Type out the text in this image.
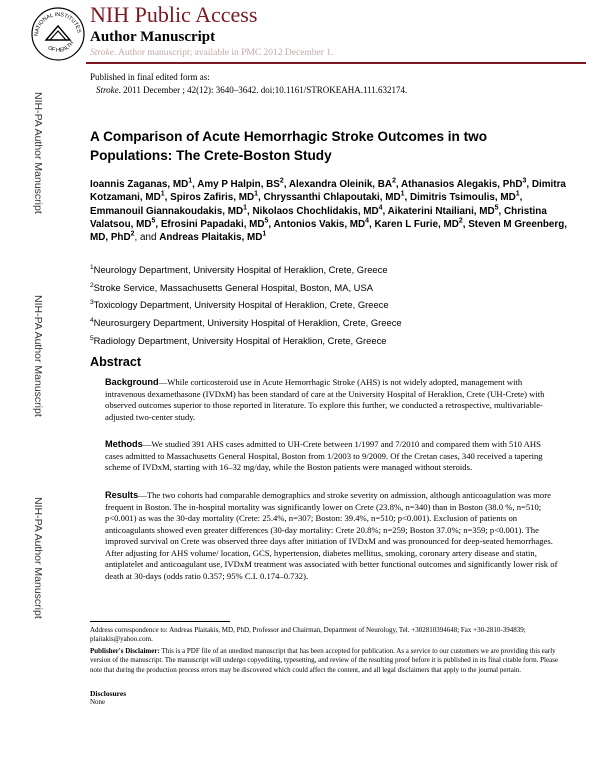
NATIONAL INSTITUTES
OF HEALTH
NIH Public Access
Author Manuscript
Stroke. Author manuscript; available in PMC 2012 December 1.
NIH-PA Author Manuscript
NIH-PA Author Manuscript
NIH-PA Author Manuscript
Published in final edited form as:
Stroke. 2011 December ; 42(12): 3640–3642. doi:10.1161/STROKEAHA.111.632174.
A Comparison of Acute Hemorrhagic Stroke Outcomes in two Populations: The Crete-Boston Study
Ioannis Zaganas, $MD^1$, Amy P Halpin, $BS^2$, Alexandra Oleinik, $BA^2$, Athanasios Alegakis, PhD$^3$, Dimitra Kotzamani, $MD^1$, Spiros Zafiris, $MD^1$, Chryssanthi Chlapoutaki, $MD^1$, Dimitris Tsimoulis, $MD^1$, Emmanouil Giannakoudakis, $MD^1$, Nikolaos Chochlidakis, $MD^4$, Aikaterini Ntailiani, $MD^5$, Christina Valatsou, $MD^5$, Efrosini Papadaki, $MD^5$, Antonios Vakis, $MD^4$, Karen L Furie, $MD^2$, Steven M Greenberg, MD, PhD$^2$, and Andreas Plaitakis, $MD^1$
$^1$Neurology Department, University Hospital of Heraklion, Crete, Greece
$^2$Stroke Service, Massachusetts General Hospital, Boston, MA, USA
$^3$Toxicology Department, University Hospital of Heraklion, Crete, Greece
$^4$Neurosurgery Department, University Hospital of Heraklion, Crete, Greece
$^5$Radiology Department, University Hospital of Heraklion, Crete, Greece
Abstract

Background—While corticosteroid use in Acute Hemorrhagic Stroke (AHS) is not widely adopted, management with intravenous dexamethasone (IVDxM) has been standard of care at the University Hospital of Heraklion, Crete (UH-Crete) with observed outcomes superior to those reported in literature. To explore this further, we conducted a retrospective, multivariable-adjusted two-center study.

Methods—We studied 391 AHS cases admitted to UH-Crete between 1/1997 and 7/2010 and compared them with 510 AHS cases admitted to Massachusetts General Hospital, Boston from 1/2003 to 9/2009. Of the Cretan cases, 340 received a tapering scheme of IVDxM, starting with 16–32 mg/day, while the Boston patients were managed without steroids.

Results—The two cohorts had comparable demographics and stroke severity on admission, although anticoagulation was more frequent in Boston. The in-hospital mortality was significantly lower on Crete (23.8%, n=340) than in Boston (38.0 %, n=510; p<0.001) as was the 30-day mortality (Crete: 25.4%, n=307; Boston: 39.4%, n=510; p<0.001). Exclusion of patients on anticoagulants showed even greater differences (30-day mortality: Crete 20.8%; n=259; Boston 37.0%; n=359; p<0.001). The improved survival on Crete was observed three days after initiation of IVDxM and was pronounced for deep-seated hemorrhages. After adjusting for AHS volume/ location, GCS, hypertension, diabetes mellitus, smoking, coronary artery disease and statin, antiplatelet and anticoagulant use, IVDxM treatment was associated with better functional outcomes and significantly lower risk of death at 30-days (odds ratio 0.357; 95% C.I. 0.174–0.732).

Address correspondence to: Andreas Plaitakis, MD, PhD, Professor and Chairman, Department of Neurology, Tel. +302810394648; Fax +30-2810-394839; plaitakis@yahoo.com.

Publisher's Disclaimer: This is a PDF file of an unedited manuscript that has been accepted for publication. As a service to our customers we are providing this early version of the manuscript. The manuscript will undergo copyediting, typesetting, and review of the resulting proof before it is published in its final citable form. Please note that during the production process errors may be discovered which could affect the content, and all legal disclaimers that apply to the journal pertain.

Disclosures
None
